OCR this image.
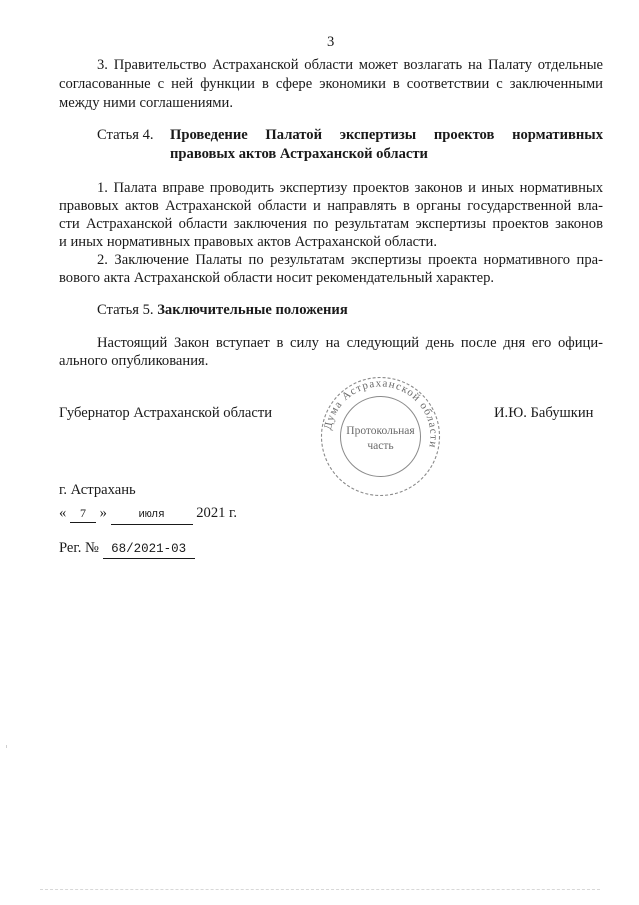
3
3. Правительство Астраханской области может возлагать на Палату отдельные
согласованные с ней функции в сфере экономики в соответствии с заключенными
между ними соглашениями.
Статья 4. Проведение Палатой экспертизы проектов нормативных
правовых актов Астраханской области
1. Палата вправе проводить экспертизу проектов законов и иных нормативных
правовых актов Астраханской области и направлять в органы государственной вла-
сти Астраханской области заключения по результатам экспертизы проектов законов
и иных нормативных правовых актов Астраханской области.
2. Заключение Палаты по результатам экспертизы проекта нормативного пра-
вового акта Астраханской области носит рекомендательный характер.
Статья 5. Заключительные положения
Настоящий Закон вступает в силу на следующий день после дня его офици-
ального опубликования.
Губернатор Астраханской области	И.Ю. Бабушкин
Дума Астраханской области
Протокольная
часть
г. Астрахань
« 7 »	июля 2021 г.
Рег. № 68/2021-03
